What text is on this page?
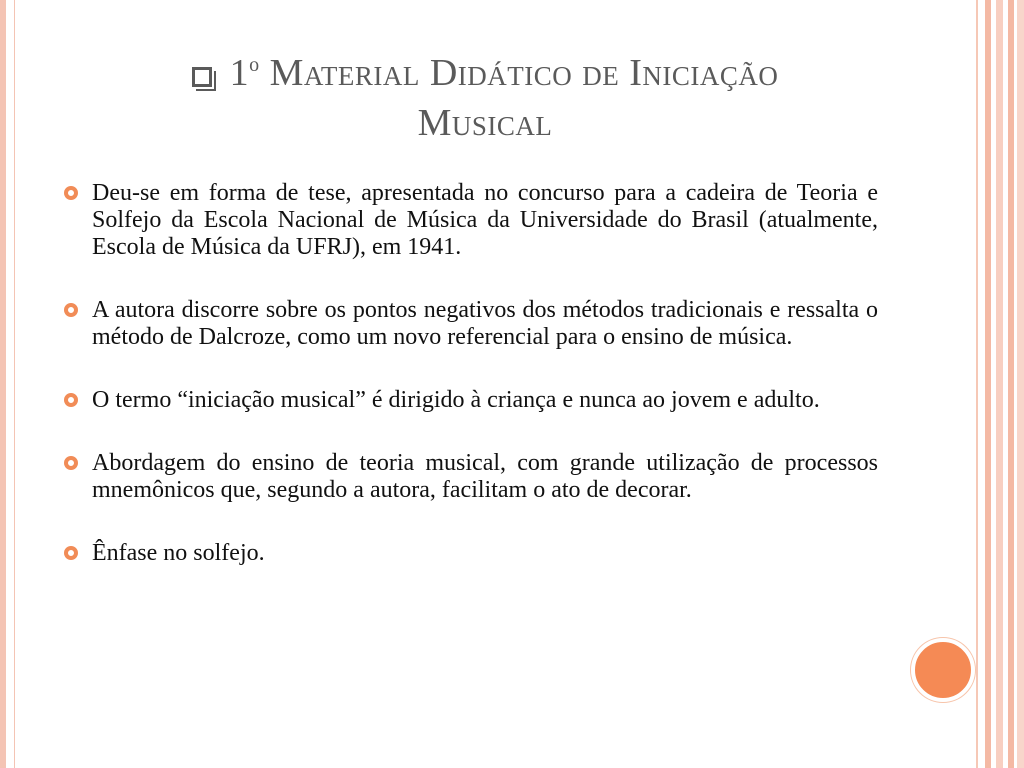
1$^o$ Material Didático de Iniciação
Musical
Deu-se em forma de tese, apresentada no concurso para a cadeira de Teoria e Solfejo da Escola Nacional de Música da Universidade do Brasil (atualmente, Escola de Música da UFRJ), em 1941.
A autora discorre sobre os pontos negativos dos métodos tradicionais e ressalta o método de Dalcroze, como um novo referencial para o ensino de música.
O termo “iniciação musical” é dirigido à criança e nunca ao jovem e adulto.
Abordagem do ensino de teoria musical, com grande utilização de processos mnemônicos que, segundo a autora, facilitam o ato de decorar.
Ênfase no solfejo.
